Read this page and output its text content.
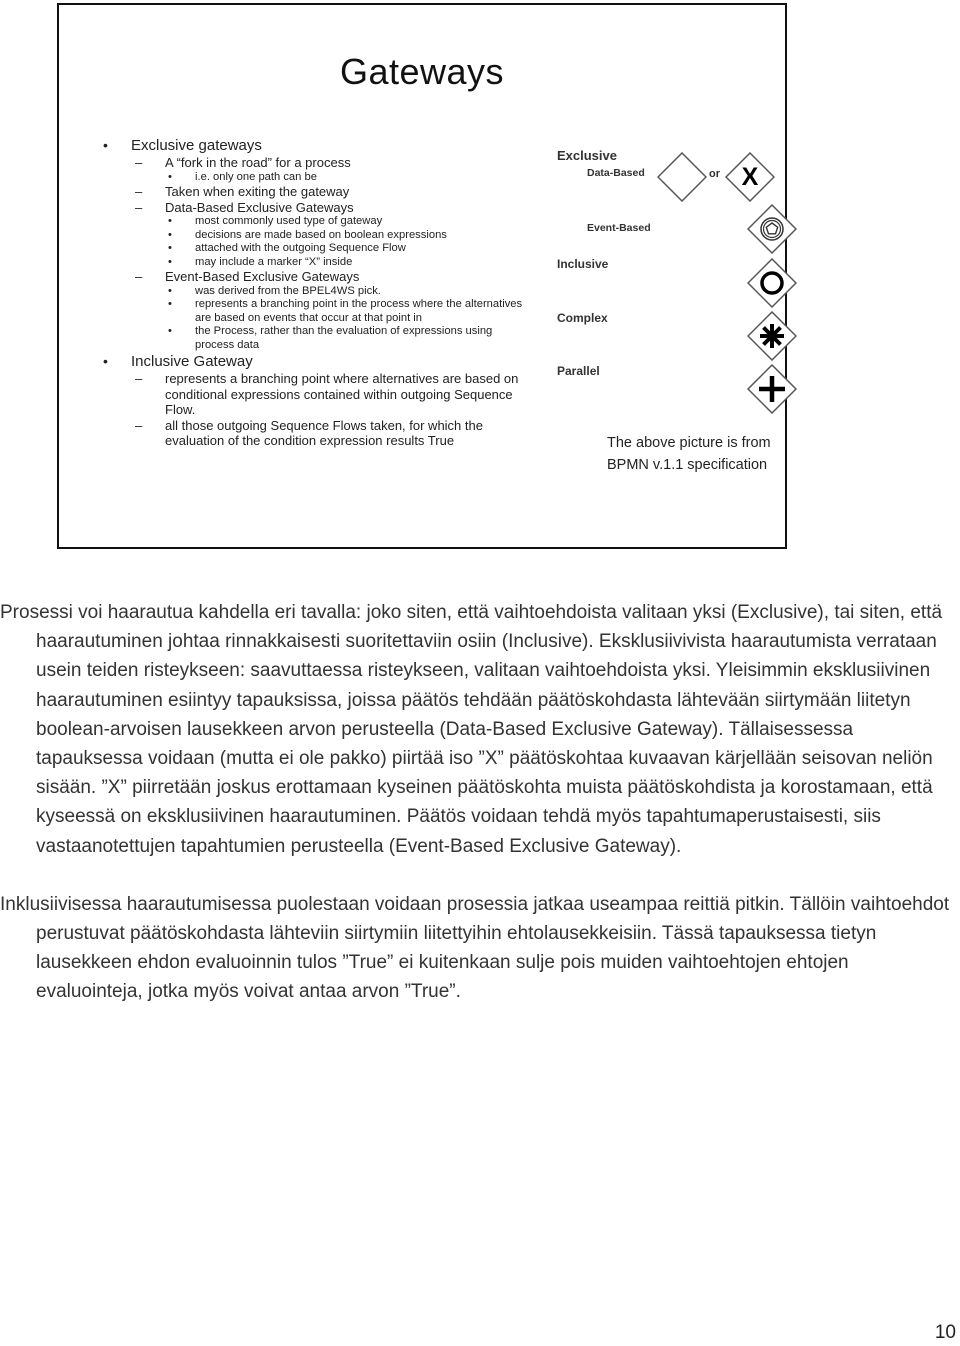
Gateways
• Exclusive gateways
– A “fork in the road” for a process
• i.e. only one path can be
– Taken when exiting the gateway
– Data-Based Exclusive Gateways
• most commonly used type of gateway
• decisions are made based on boolean expressions
• attached with the outgoing Sequence Flow
• may include a marker “X” inside
– Event-Based Exclusive Gateways
• was derived from the BPEL4WS pick.
• represents a branching point in the process where the alternatives are based on events that occur at that point in
• the Process, rather than the evaluation of expressions using process data
• Inclusive Gateway
– represents a branching point where alternatives are based on conditional expressions contained within outgoing Sequence Flow.
– all those outgoing Sequence Flows taken, for which the evaluation of the condition expression results True
Exclusive
Data-Based	or
Event-Based
Inclusive
Complex
Parallel
X
The above picture is from BPMN v.1.1 specification

Prosessi voi haarautua kahdella eri tavalla: joko siten, että vaihtoehdoista valitaan yksi (Exclusive), tai siten, että haarautuminen johtaa rinnakkaisesti suoritettaviin osiin (Inclusive). Eksklusiivivista haarautumista verrataan usein teiden risteykseen: saavuttaessa risteykseen, valitaan vaihtoehdoista yksi. Yleisimmin eksklusiivinen haarautuminen esiintyy tapauksissa, joissa päätös tehdään päätöskohdasta lähtevään siirtymään liitetyn boolean-arvoisen lausekkeen arvon perusteella (Data-Based Exclusive Gateway). Tällaisessessa tapauksessa voidaan (mutta ei ole pakko) piirtää iso ”X” päätöskohtaa kuvaavan kärjellään seisovan neliön sisään. ”X” piirretään joskus erottamaan kyseinen päätöskohta muista päätöskohdista ja korostamaan, että kyseessä on eksklusiivinen haarautuminen. Päätös voidaan tehdä myös tapahtumaperustaisesti, siis vastaanotettujen tapahtumien perusteella (Event-Based Exclusive Gateway).

Inklusiivisessa haarautumisessa puolestaan voidaan prosessia jatkaa useampaa reittiä pitkin. Tällöin vaihtoehdot perustuvat päätöskohdasta lähteviin siirtymiin liitettyihin ehtolausekkeisiin. Tässä tapauksessa tietyn lausekkeen ehdon evaluoinnin tulos ”True” ei kuitenkaan sulje pois muiden vaihtoehtojen ehtojen evaluointeja, jotka myös voivat antaa arvon ”True”.

10
